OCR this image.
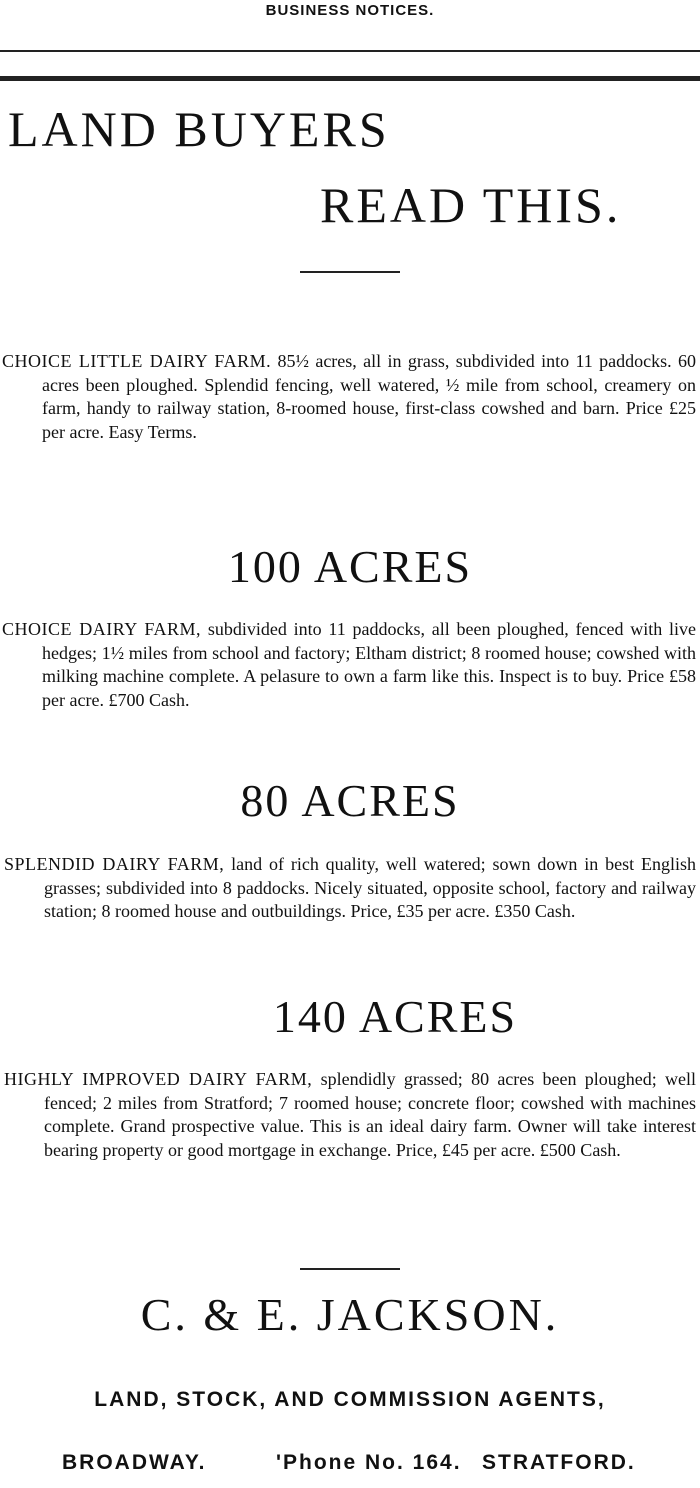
BUSINESS NOTICES.
LAND BUYERS
READ THIS.
CHOICE LITTLE DAIRY FARM. 85½ acres, all in grass, subdivided into 11 paddocks. 60 acres been ploughed. Splendid fencing, well watered, ½ mile from school, creamery on farm, handy to railway station, 8-roomed house, first-class cowshed and barn. Price £25 per acre. Easy Terms.
100 ACRES
CHOICE DAIRY FARM, subdivided into 11 paddocks, all been ploughed, fenced with live hedges; 1½ miles from school and factory; Eltham district; 8 roomed house; cowshed with milking machine complete. A pelasure to own a farm like this. Inspect is to buy. Price £58 per acre. £700 Cash.
80 ACRES
SPLENDID DAIRY FARM, land of rich quality, well watered; sown down in best English grasses; subdivided into 8 paddocks. Nicely situated, opposite school, factory and railway station; 8 roomed house and outbuildings. Price, £35 per acre. £350 Cash.
140 ACRES
HIGHLY IMPROVED DAIRY FARM, splendidly grassed; 80 acres been ploughed; well fenced; 2 miles from Stratford; 7 roomed house; concrete floor; cowshed with machines complete. Grand prospective value. This is an ideal dairy farm. Owner will take interest bearing property or good mortgage in exchange. Price, £45 per acre. £500 Cash.
C. & E. JACKSON.
LAND, STOCK, AND COMMISSION AGENTS,
BROADWAY.	'Phone No. 164. STRATFORD.
